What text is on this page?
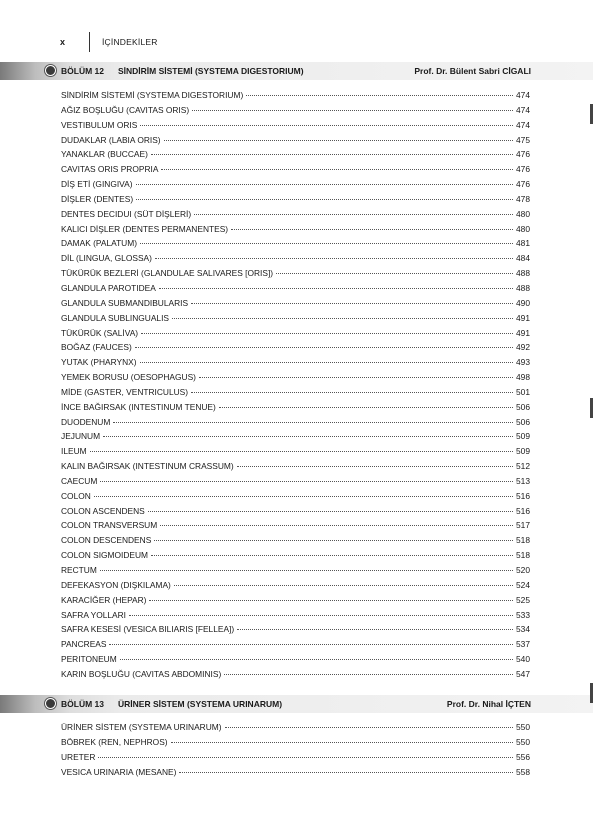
x	İÇİNDEKİLER
BÖLÜM 12 SİNDİRİM SİSTEMİ (SYSTEMA DIGESTORIUM)	Prof. Dr. Bülent Sabri CİGALI
SİNDİRİM SİSTEMİ (SYSTEMA DIGESTORIUM)	474
AĞIZ BOŞLUĞU (CAVITAS ORIS)	474
VESTIBULUM ORIS	474
DUDAKLAR (LABIA ORIS)	475
YANAKLAR (BUCCAE)	476
CAVITAS ORIS PROPRIA	476
DİŞ ETİ (GINGIVA)	476
DİŞLER (DENTES)	478
DENTES DECIDUI (SÜT DİŞLERİ)	480
KALICI DİŞLER (DENTES PERMANENTES)	480
DAMAK (PALATUM)	481
DİL (LINGUA, GLOSSA)	484
TÜKÜRÜK BEZLERİ (GLANDULAE SALIVARES [ORIS])	488
GLANDULA PAROTIDEA	488
GLANDULA SUBMANDIBULARIS	490
GLANDULA SUBLINGUALIS	491
TÜKÜRÜK (SALİVA)	491
BOĞAZ (FAUCES)	492
YUTAK (PHARYNX)	493
YEMEK BORUSU (OESOPHAGUS)	498
MİDE (GASTER, VENTRICULUS)	501
İNCE BAĞIRSAK (INTESTINUM TENUE)	506
DUODENUM	506
JEJUNUM	509
ILEUM	509
KALIN BAĞIRSAK (INTESTINUM CRASSUM)	512
CAECUM	513
COLON	516
COLON ASCENDENS	516
COLON TRANSVERSUM	517
COLON DESCENDENS	518
COLON SIGMOIDEUM	518
RECTUM	520
DEFEKASYON (DIŞKILAMA)	524
KARACİĞER (HEPAR)	525
SAFRA YOLLARI	533
SAFRA KESESİ (VESICA BILIARIS [FELLEA])	534
PANCREAS	537
PERITONEUM	540
KARIN BOŞLUĞU (CAVITAS ABDOMINIS)	547
BÖLÜM 13 ÜRİNER SİSTEM (SYSTEMA URINARUM)	Prof. Dr. Nihal İÇTEN
ÜRİNER SİSTEM (SYSTEMA URINARUM)	550
BÖBREK (REN, NEPHROS)	550
URETER	556
VESICA URINARIA (MESANE)	558
